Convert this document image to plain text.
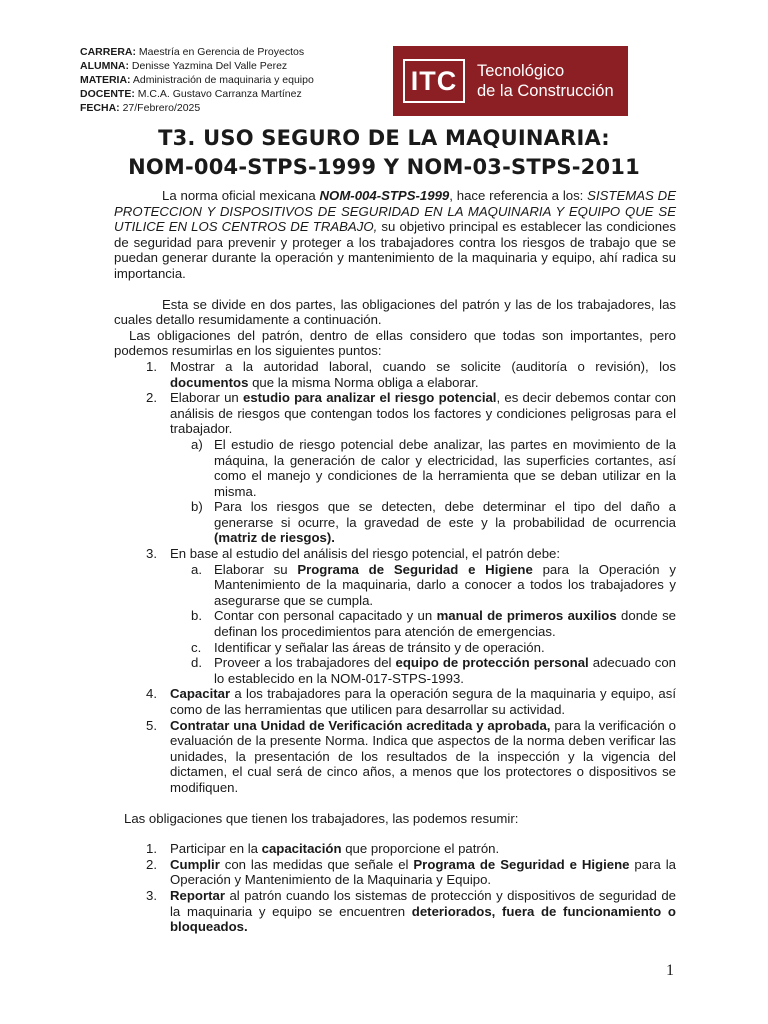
CARRERA: Maestría en Gerencia de Proyectos
ALUMNA: Denisse Yazmina Del Valle Perez
MATERIA: Administración de maquinaria y equipo
DOCENTE: M.C.A. Gustavo Carranza Martínez
FECHA: 27/Febrero/2025
ITC	Tecnológico
de la Construcción
T3. USO SEGURO DE LA MAQUINARIA:
NOM-004-STPS-1999 Y NOM-03-STPS-2011

La norma oficial mexicana NOM-004-STPS-1999, hace referencia a los: SISTEMAS DE PROTECCION Y DISPOSITIVOS DE SEGURIDAD EN LA MAQUINARIA Y EQUIPO QUE SE UTILICE EN LOS CENTROS DE TRABAJO, su objetivo principal es establecer las condiciones de seguridad para prevenir y proteger a los trabajadores contra los riesgos de trabajo que se puedan generar durante la operación y mantenimiento de la maquinaria y equipo, ahí radica su importancia.

Esta se divide en dos partes, las obligaciones del patrón y las de los trabajadores, las cuales detallo resumidamente a continuación.

Las obligaciones del patrón, dentro de ellas considero que todas son importantes, pero podemos resumirlas en los siguientes puntos:

1. Mostrar a la autoridad laboral, cuando se solicite (auditoría o revisión), los documentos que la misma Norma obliga a elaborar.
2. Elaborar un estudio para analizar el riesgo potencial, es decir debemos contar con análisis de riesgos que contengan todos los factores y condiciones peligrosas para el trabajador.
a) El estudio de riesgo potencial debe analizar, las partes en movimiento de la máquina, la generación de calor y electricidad, las superficies cortantes, así como el manejo y condiciones de la herramienta que se deban utilizar en la misma.
b) Para los riesgos que se detecten, debe determinar el tipo del daño a generarse si ocurre, la gravedad de este y la probabilidad de ocurrencia (matriz de riesgos).
3. En base al estudio del análisis del riesgo potencial, el patrón debe:
a. Elaborar su Programa de Seguridad e Higiene para la Operación y Mantenimiento de la maquinaria, darlo a conocer a todos los trabajadores y asegurarse que se cumpla.
b. Contar con personal capacitado y un manual de primeros auxilios donde se definan los procedimientos para atención de emergencias.
c. Identificar y señalar las áreas de tránsito y de operación.
d. Proveer a los trabajadores del equipo de protección personal adecuado con lo establecido en la NOM-017-STPS-1993.
4. Capacitar a los trabajadores para la operación segura de la maquinaria y equipo, así como de las herramientas que utilicen para desarrollar su actividad.
5. Contratar una Unidad de Verificación acreditada y aprobada, para la verificación o evaluación de la presente Norma. Indica que aspectos de la norma deben verificar las unidades, la presentación de los resultados de la inspección y la vigencia del dictamen, el cual será de cinco años, a menos que los protectores o dispositivos se modifiquen.

Las obligaciones que tienen los trabajadores, las podemos resumir:

1. Participar en la capacitación que proporcione el patrón.
2. Cumplir con las medidas que señale el Programa de Seguridad e Higiene para la Operación y Mantenimiento de la Maquinaria y Equipo.
3. Reportar al patrón cuando los sistemas de protección y dispositivos de seguridad de la maquinaria y equipo se encuentren deteriorados, fuera de funcionamiento o bloqueados.
1
